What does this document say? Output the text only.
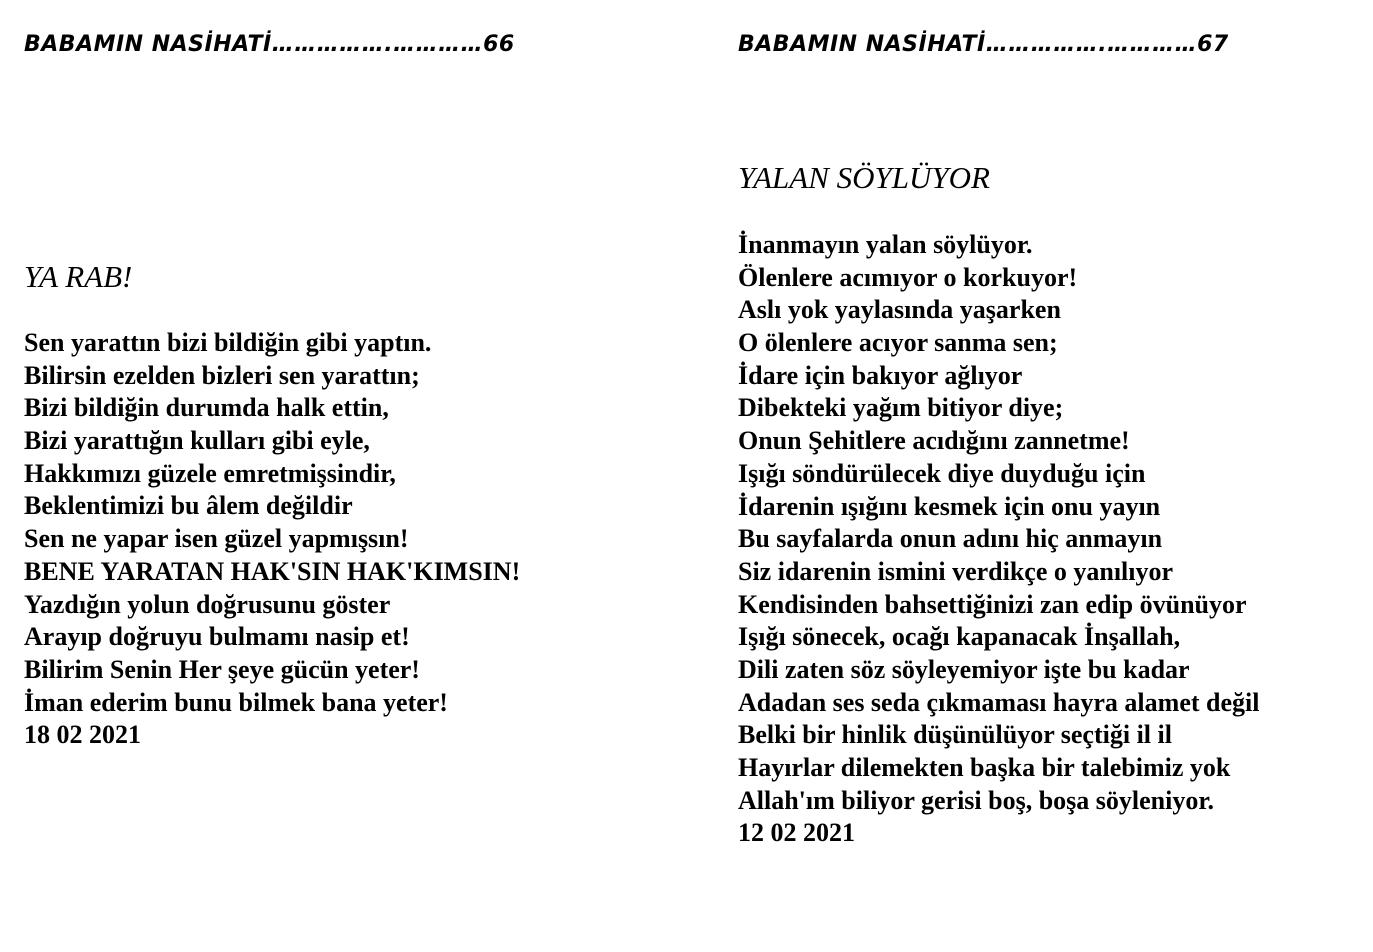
BABAMIN NASİHATİ…………….…………66
YA RAB!
Sen yarattın bizi bildiğin gibi yaptın.
Bilirsin ezelden bizleri sen yarattın;
Bizi bildiğin durumda halk ettin,
Bizi yarattığın kulları gibi eyle,
Hakkımızı güzele emretmişsindir,
Beklentimizi bu âlem değildir
Sen ne yapar isen güzel yapmışsın!
BENE YARATAN HAK'SIN HAK'KIMSIN!
Yazdığın yolun doğrusunu göster
Arayıp doğruyu bulmamı nasip et!
Bilirim Senin Her şeye gücün yeter!
İman ederim bunu bilmek bana yeter!
18 02 2021
BABAMIN NASİHATİ…………….…………67
YALAN SÖYLÜYOR
İnanmayın yalan söylüyor.
Ölenlere acımıyor o korkuyor!
Aslı yok yaylasında yaşarken
O ölenlere acıyor sanma sen;
İdare için bakıyor ağlıyor
Dibekteki yağım bitiyor diye;
Onun Şehitlere acıdığını zannetme!
Işığı söndürülecek diye duyduğu için
İdarenin ışığını kesmek için onu yayın
Bu sayfalarda onun adını hiç anmayın
Siz idarenin ismini verdikçe o yanılıyor
Kendisinden bahsettiğinizi zan edip övünüyor
Işığı sönecek, ocağı kapanacak İnşallah,
Dili zaten söz söyleyemiyor işte bu kadar
Adadan ses seda çıkmaması hayra alamet değil
Belki bir hinlik düşünülüyor seçtiği il il
Hayırlar dilemekten başka bir talebimiz yok
Allah'ım biliyor gerisi boş, boşa söyleniyor.
12 02 2021
